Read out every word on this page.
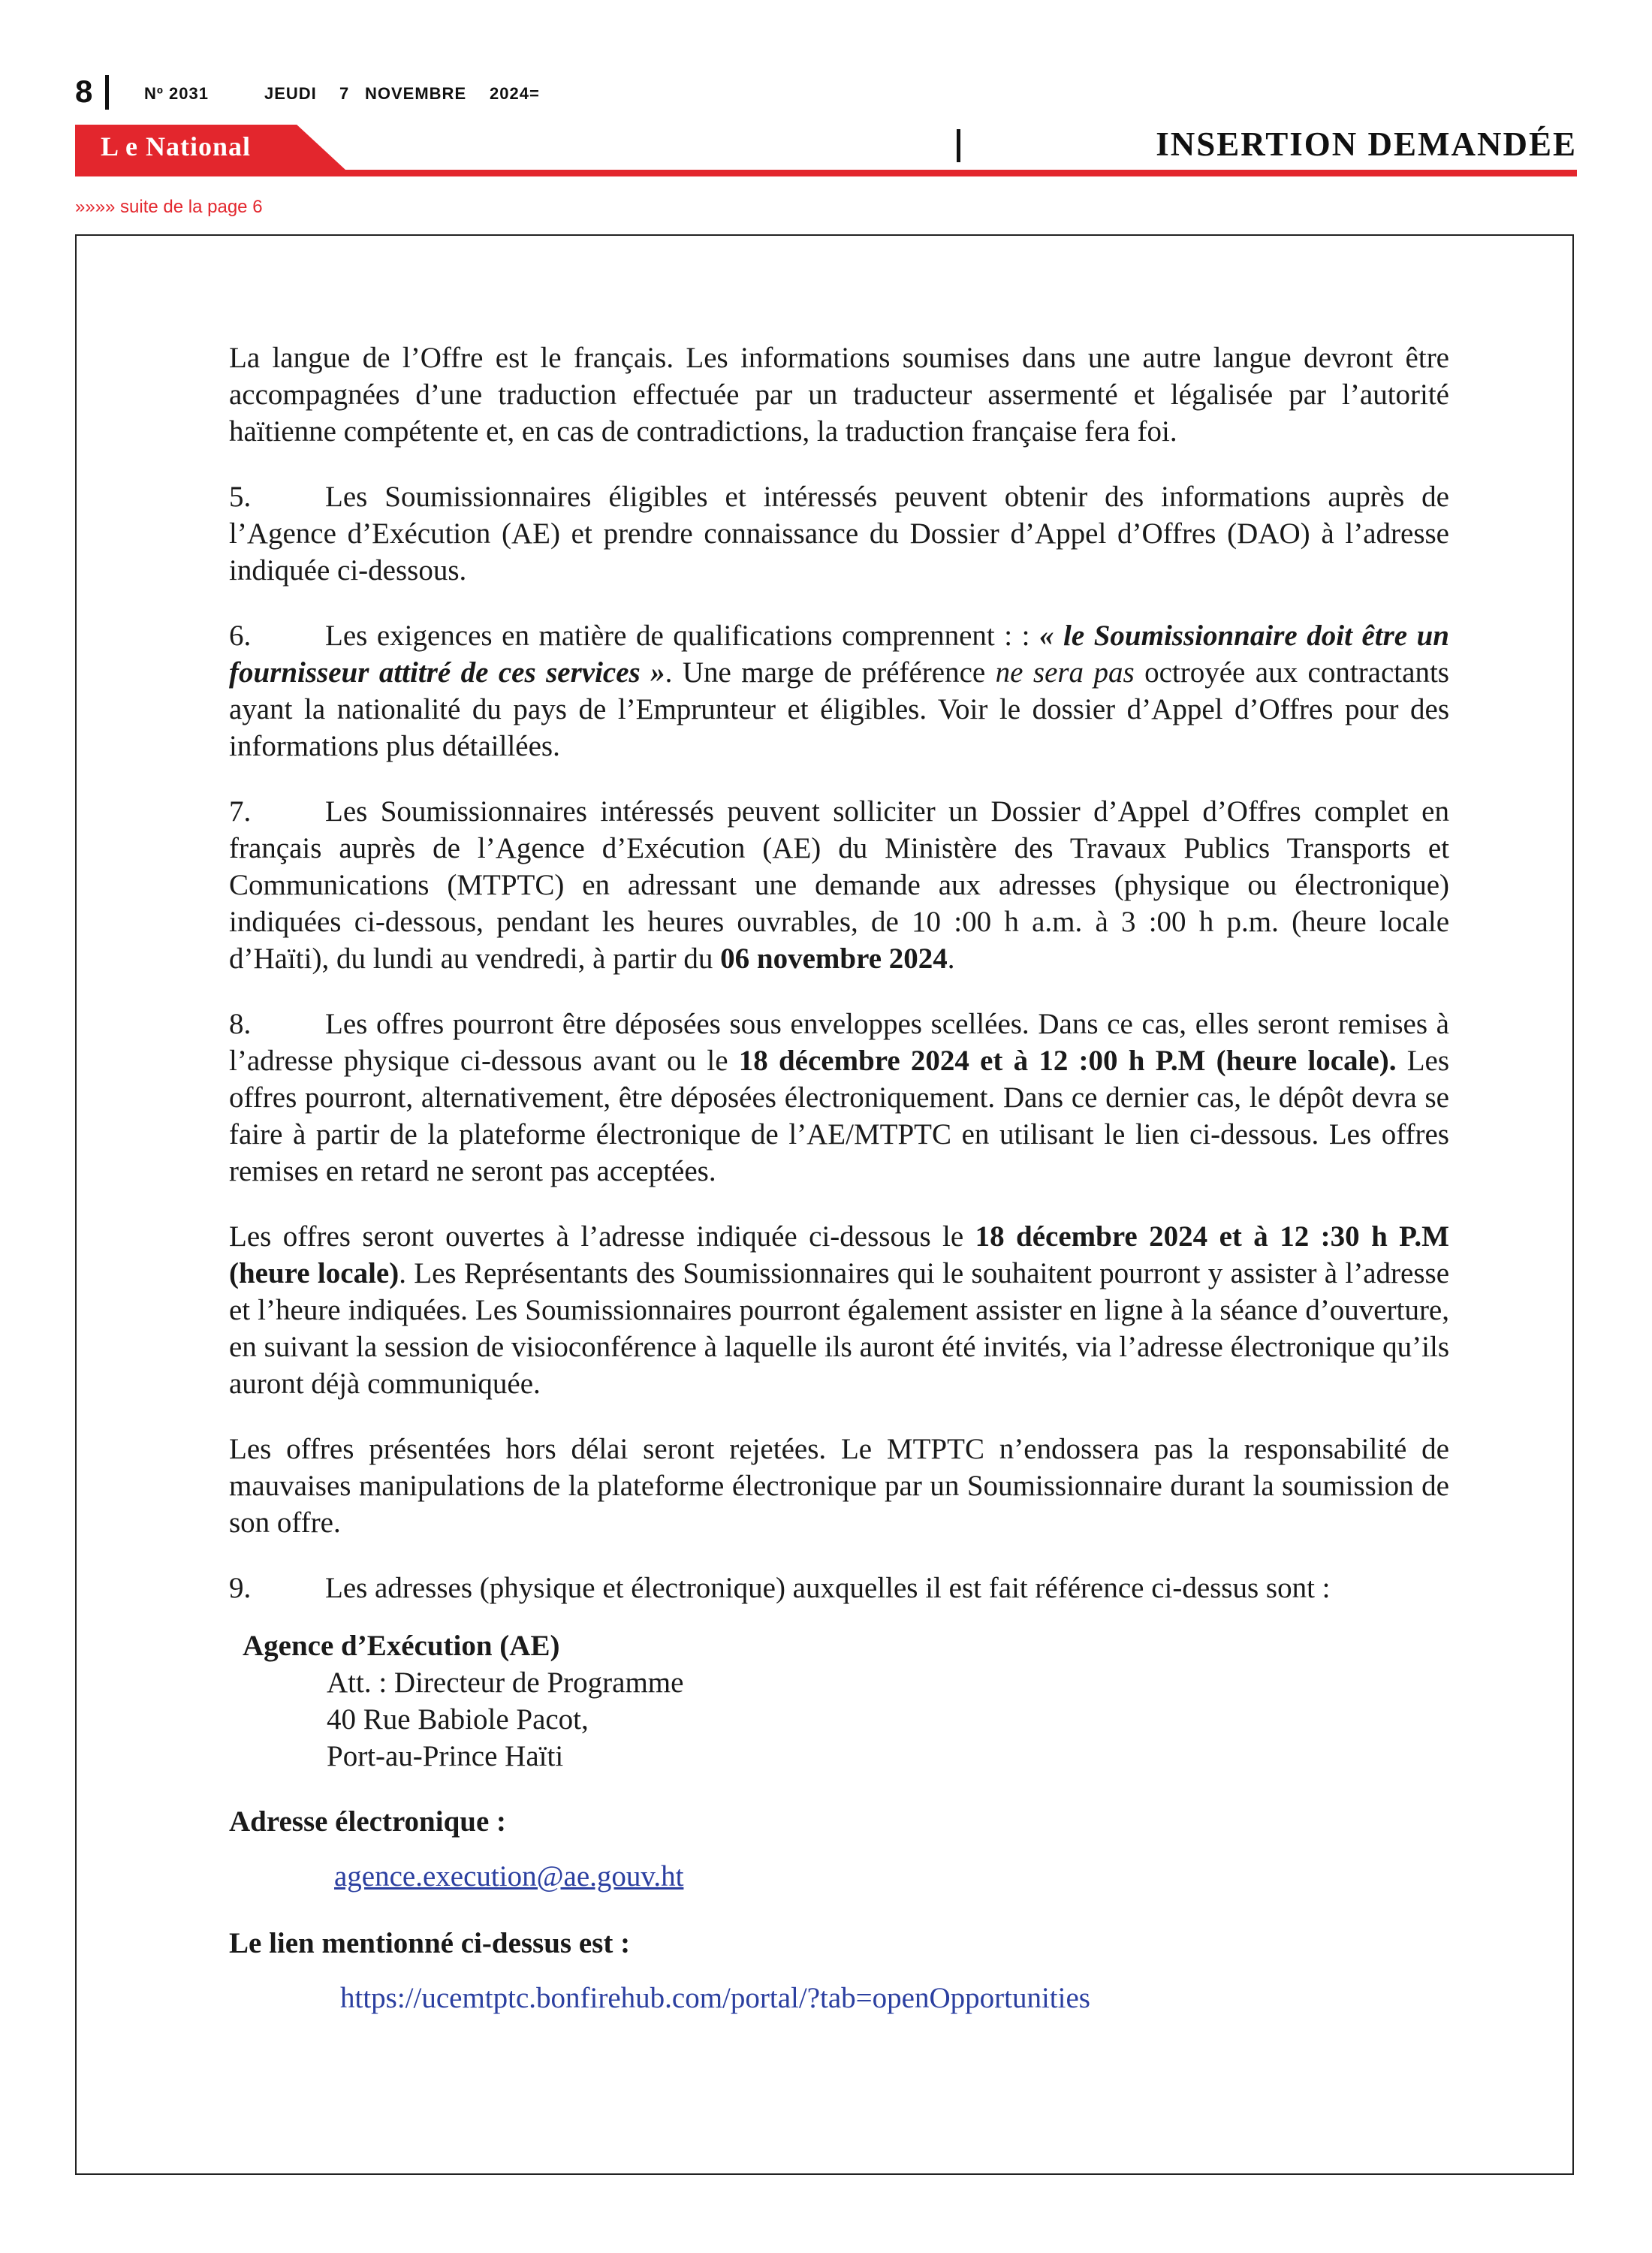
8	Nº 2031	JEUDI 7 NOVEMBRE 2024=
L e National	INSERTION DEMANDÉE
»»»» suite de la page 6

La langue de l’Offre est le français. Les informations soumises dans une autre langue devront être accompagnées d’une traduction effectuée par un traducteur assermenté et légalisée par l’autorité haïtienne compétente et, en cas de contradictions, la traduction française fera foi.

5.	Les Soumissionnaires éligibles et intéressés peuvent obtenir des informations auprès de l’Agence d’Exécution (AE) et prendre connaissance du Dossier d’Appel d’Offres (DAO) à l’adresse indiquée ci-dessous.

6.	Les exigences en matière de qualifications comprennent : : « le Soumissionnaire doit être un fournisseur attitré de ces services ». Une marge de préférence ne sera pas octroyée aux contractants ayant la nationalité du pays de l’Emprunteur et éligibles. Voir le dossier d’Appel d’Offres pour des informations plus détaillées.

7.	Les Soumissionnaires intéressés peuvent solliciter un Dossier d’Appel d’Offres complet en français auprès de l’Agence d’Exécution (AE) du Ministère des Travaux Publics Transports et Communications (MTPTC) en adressant une demande aux adresses (physique ou électronique) indiquées ci-dessous, pendant les heures ouvrables, de 10 :00 h a.m. à 3 :00 h p.m. (heure locale d’Haïti), du lundi au vendredi, à partir du 06 novembre 2024.

8.	Les offres pourront être déposées sous enveloppes scellées. Dans ce cas, elles seront remises à l’adresse physique ci-dessous avant ou le 18 décembre 2024 et à 12 :00 h P.M (heure locale). Les offres pourront, alternativement, être déposées électroniquement. Dans ce dernier cas, le dépôt devra se faire à partir de la plateforme électronique de l’AE/MTPTC en utilisant le lien ci-dessous. Les offres remises en retard ne seront pas acceptées.

Les offres seront ouvertes à l’adresse indiquée ci-dessous le 18 décembre 2024 et à 12 :30 h P.M (heure locale). Les Représentants des Soumissionnaires qui le souhaitent pourront y assister à l’adresse et l’heure indiquées. Les Soumissionnaires pourront également assister en ligne à la séance d’ouverture, en suivant la session de visioconférence à laquelle ils auront été invités, via l’adresse électronique qu’ils auront déjà communiquée.

Les offres présentées hors délai seront rejetées. Le MTPTC n’endossera pas la responsabilité de mauvaises manipulations de la plateforme électronique par un Soumissionnaire durant la soumission de son offre.

9.	Les adresses (physique et électronique) auxquelles il est fait référence ci-dessus sont :

Agence d’Exécution (AE)
Att. : Directeur de Programme
40 Rue Babiole Pacot,
Port-au-Prince Haïti
Adresse électronique :
agence.execution@ae.gouv.ht
Le lien mentionné ci-dessus est :
https://ucemtptc.bonfirehub.com/portal/?tab=openOpportunities
